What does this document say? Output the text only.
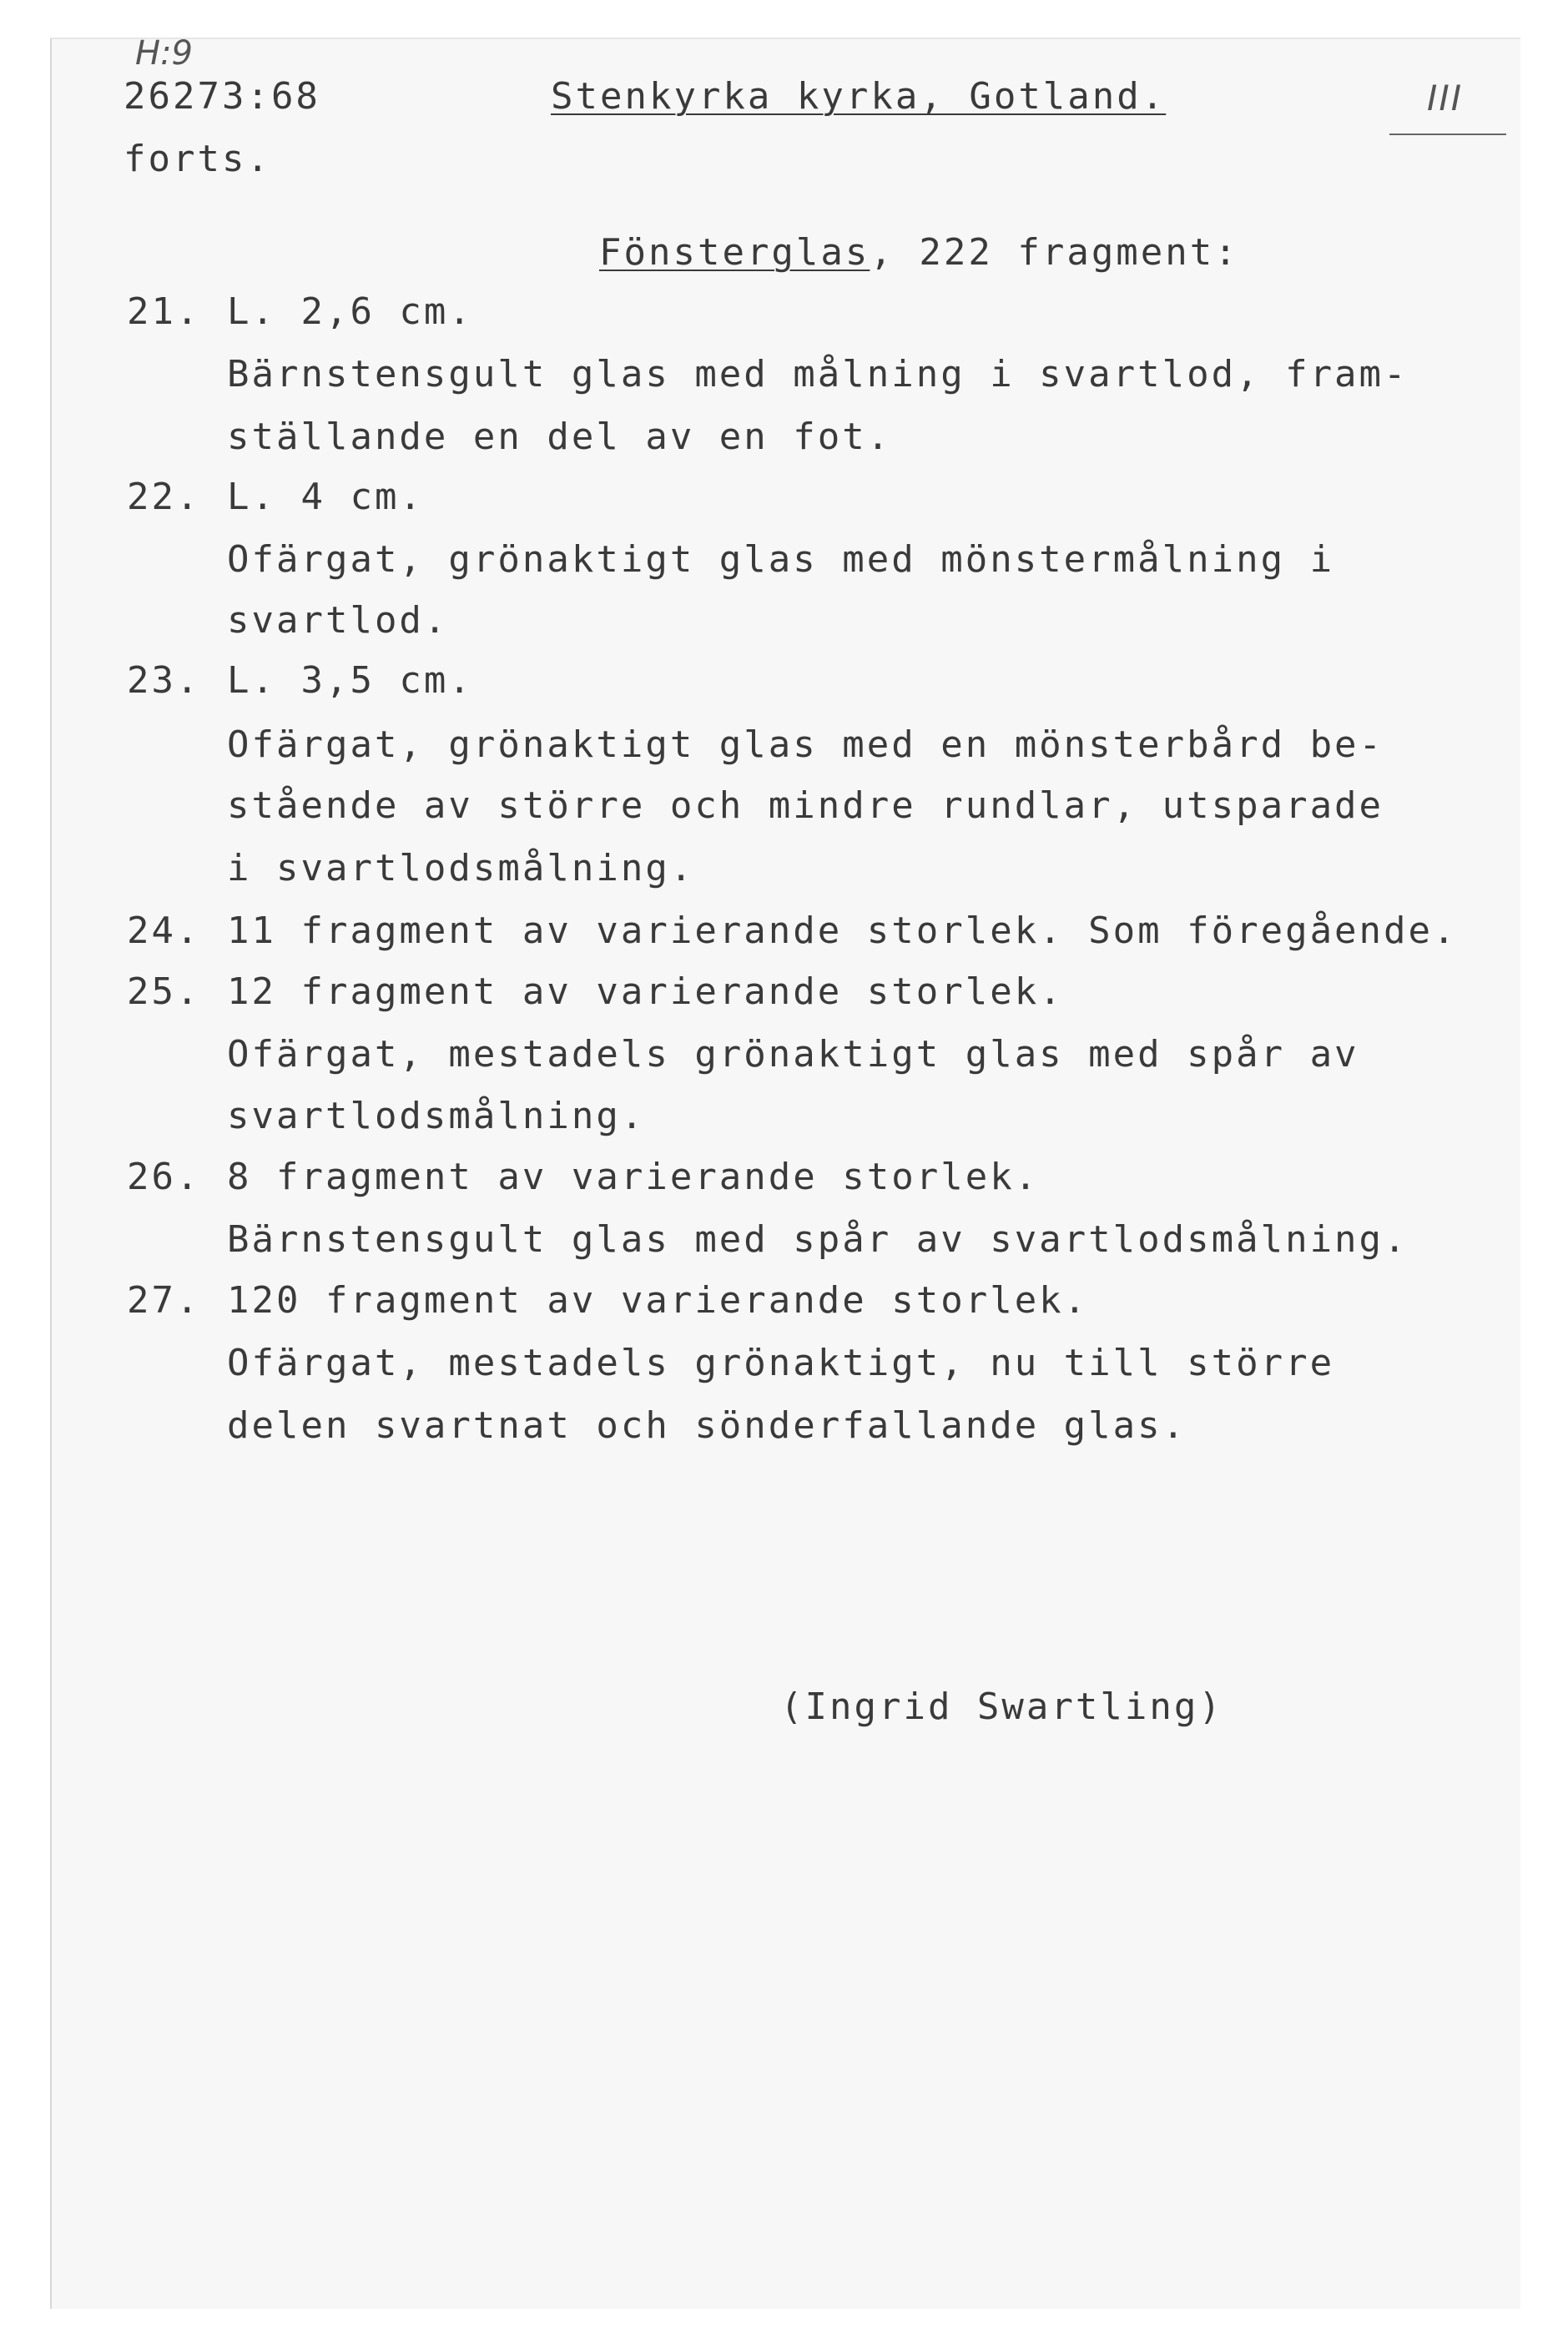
H:9
26273:68
forts.
Stenkyrka kyrka, Gotland.	III
Fönsterglas, 222 fragment:
21. L. 2,6 cm.
Bärnstensgult glas med målning i svartlod, fram-
ställande en del av en fot.
22. L. 4 cm.
Ofärgat, grönaktigt glas med mönstermålning i
svartlod.
23. L. 3,5 cm.
Ofärgat, grönaktigt glas med en mönsterbård be-
stående av större och mindre rundlar, utsparade
i svartlodsmålning.
24. 11 fragment av varierande storlek. Som föregående.
25. 12 fragment av varierande storlek.
Ofärgat, mestadels grönaktigt glas med spår av
svartlodsmålning.
26. 8 fragment av varierande storlek.
Bärnstensgult glas med spår av svartlodsmålning.
27. 120 fragment av varierande storlek.
Ofärgat, mestadels grönaktigt, nu till större
delen svartnat och sönderfallande glas.
(Ingrid Swartling)
